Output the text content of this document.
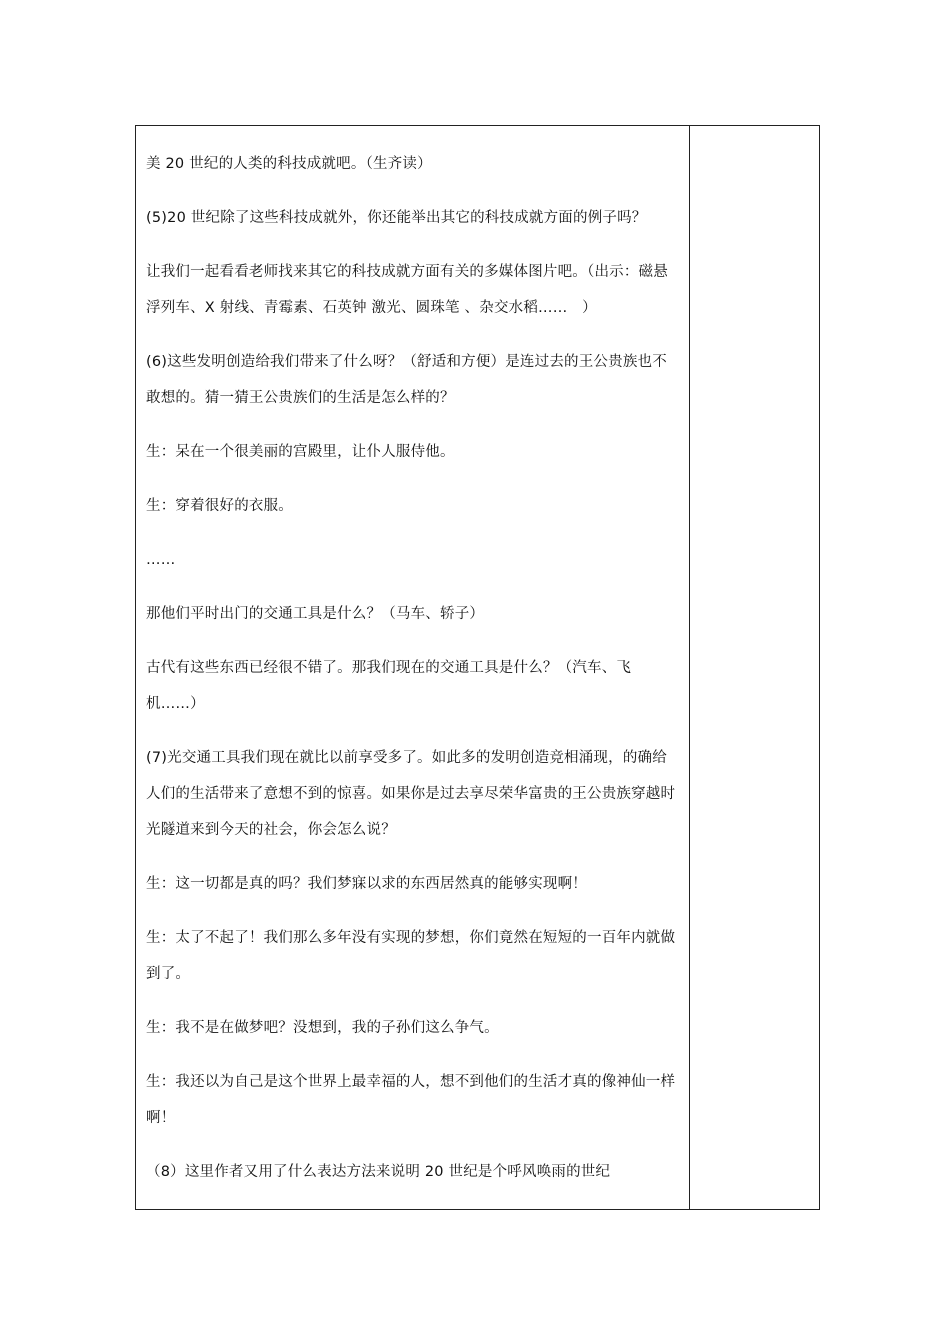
美 20 世纪的人类的科技成就吧。（生齐读）

(5)20 世纪除了这些科技成就外，你还能举出其它的科技成就方面的例子吗？

让我们一起看看老师找来其它的科技成就方面有关的多媒体图片吧。（出示：磁悬浮列车、X 射线、青霉素、石英钟 激光、圆珠笔 、杂交水稻……　）

(6)这些发明创造给我们带来了什么呀？（舒适和方便）是连过去的王公贵族也不敢想的。猜一猜王公贵族们的生活是怎么样的？

生：呆在一个很美丽的宫殿里，让仆人服侍他。

生：穿着很好的衣服。

……

那他们平时出门的交通工具是什么？（马车、轿子）

古代有这些东西已经很不错了。那我们现在的交通工具是什么？（汽车、飞机……）

(7)光交通工具我们现在就比以前享受多了。如此多的发明创造竞相涌现，的确给人们的生活带来了意想不到的惊喜。如果你是过去享尽荣华富贵的王公贵族穿越时光隧道来到今天的社会，你会怎么说？

生：这一切都是真的吗？我们梦寐以求的东西居然真的能够实现啊！

生：太了不起了！我们那么多年没有实现的梦想，你们竟然在短短的一百年内就做到了。

生：我不是在做梦吧？没想到，我的子孙们这么争气。

生：我还以为自己是这个世界上最幸福的人，想不到他们的生活才真的像神仙一样啊！

（8）这里作者又用了什么表达方法来说明 20 世纪是个呼风唤雨的世纪
